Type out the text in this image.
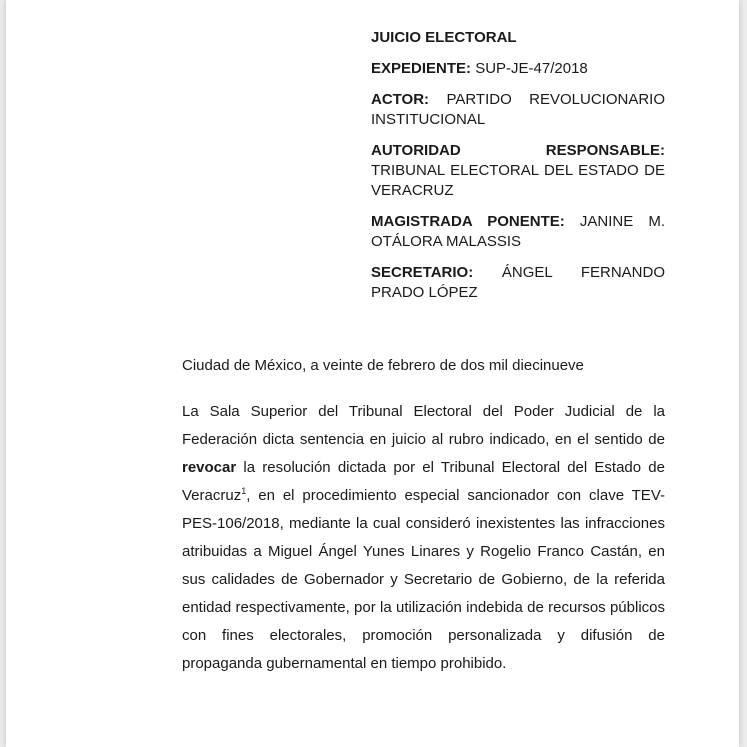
JUICIO ELECTORAL
EXPEDIENTE: SUP-JE-47/2018
ACTOR: PARTIDO REVOLUCIONARIO INSTITUCIONAL
AUTORIDAD RESPONSABLE:
TRIBUNAL ELECTORAL DEL ESTADO DE VERACRUZ
MAGISTRADA PONENTE: JANINE M. OTÁLORA MALASSIS
SECRETARIO: ÁNGEL FERNANDO PRADO LÓPEZ
Ciudad de México, a veinte de febrero de dos mil diecinueve

La Sala Superior del Tribunal Electoral del Poder Judicial de la Federación dicta sentencia en juicio al rubro indicado, en el sentido de revocar la resolución dictada por el Tribunal Electoral del Estado de Veracruz$^1$, en el procedimiento especial sancionador con clave TEV-PES-106/2018, mediante la cual consideró inexistentes las infracciones atribuidas a Miguel Ángel Yunes Linares y Rogelio Franco Castán, en sus calidades de Gobernador y Secretario de Gobierno, de la referida entidad respectivamente, por la utilización indebida de recursos públicos con fines electorales, promoción personalizada y difusión de propaganda gubernamental en tiempo prohibido.
